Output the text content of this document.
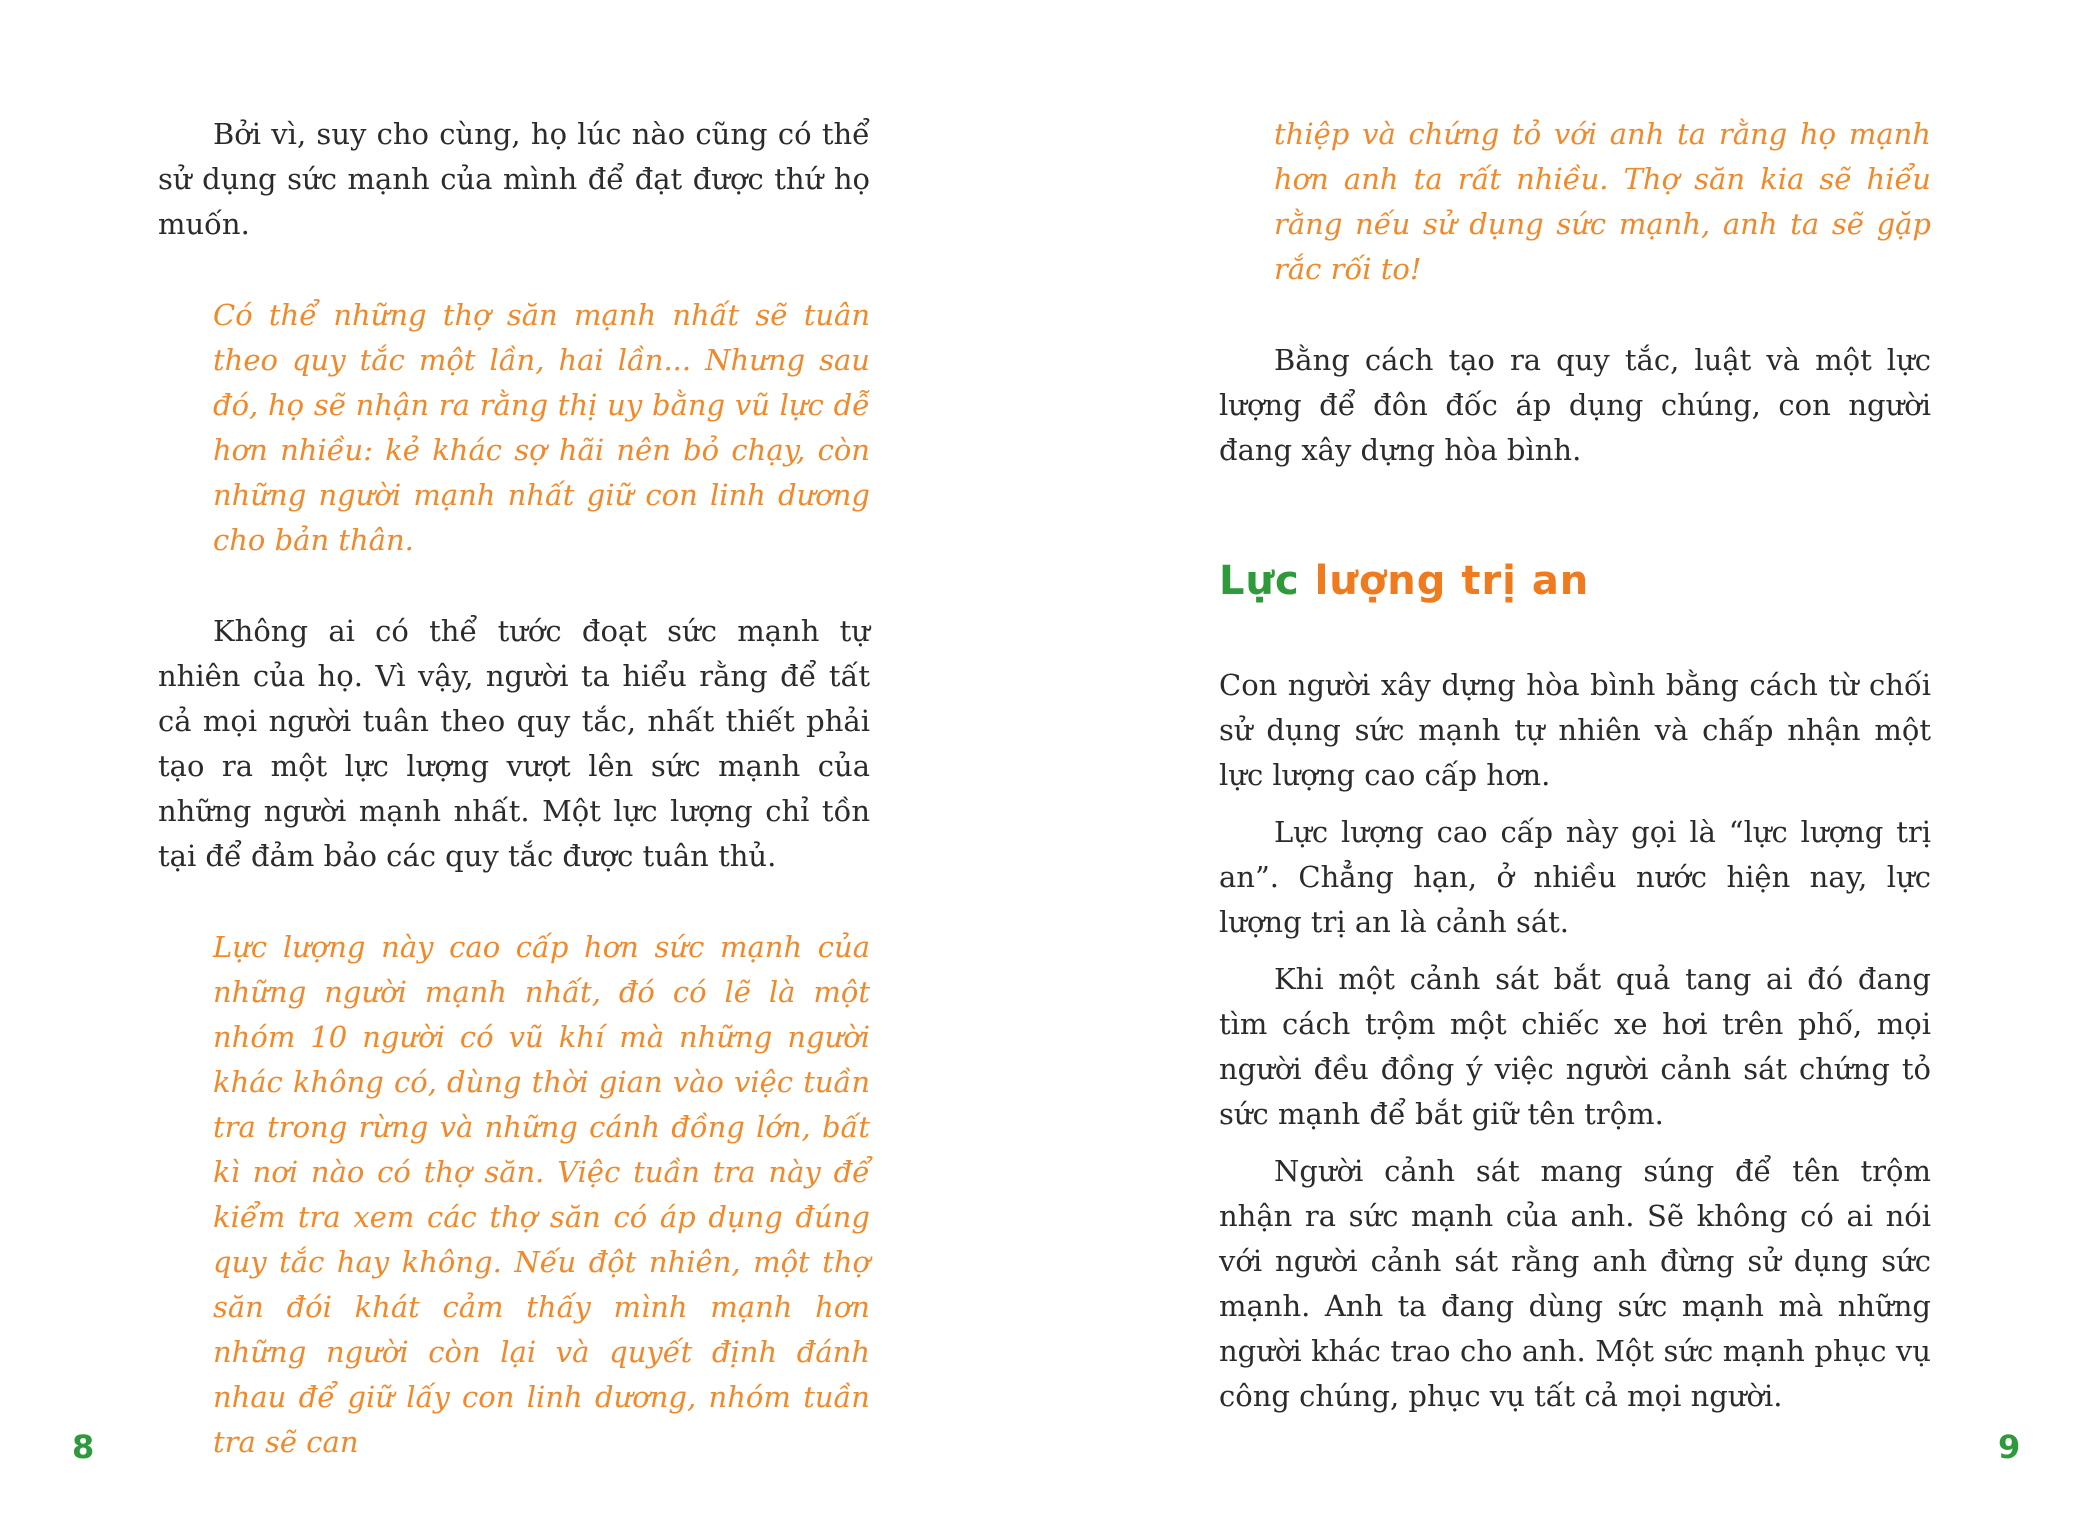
Bởi vì, suy cho cùng, họ lúc nào cũng có thể sử dụng sức mạnh của mình để đạt được thứ họ muốn.

Có thể những thợ săn mạnh nhất sẽ tuân theo quy tắc một lần, hai lần... Nhưng sau đó, họ sẽ nhận ra rằng thị uy bằng vũ lực dễ hơn nhiều: kẻ khác sợ hãi nên bỏ chạy, còn những người mạnh nhất giữ con linh dương cho bản thân.

Không ai có thể tước đoạt sức mạnh tự nhiên của họ. Vì vậy, người ta hiểu rằng để tất cả mọi người tuân theo quy tắc, nhất thiết phải tạo ra một lực lượng vượt lên sức mạnh của những người mạnh nhất. Một lực lượng chỉ tồn tại để đảm bảo các quy tắc được tuân thủ.

Lực lượng này cao cấp hơn sức mạnh của những người mạnh nhất, đó có lẽ là một nhóm 10 người có vũ khí mà những người khác không có, dùng thời gian vào việc tuần tra trong rừng và những cánh đồng lớn, bất kì nơi nào có thợ săn. Việc tuần tra này để kiểm tra xem các thợ săn có áp dụng đúng quy tắc hay không. Nếu đột nhiên, một thợ săn đói khát cảm thấy mình mạnh hơn những người còn lại và quyết định đánh nhau để giữ lấy con linh dương, nhóm tuần tra sẽ can

8

thiệp và chứng tỏ với anh ta rằng họ mạnh hơn anh ta rất nhiều. Thợ săn kia sẽ hiểu rằng nếu sử dụng sức mạnh, anh ta sẽ gặp rắc rối to!

Bằng cách tạo ra quy tắc, luật và một lực lượng để đôn đốc áp dụng chúng, con người đang xây dựng hòa bình.

Lực lượng trị an

Con người xây dựng hòa bình bằng cách từ chối sử dụng sức mạnh tự nhiên và chấp nhận một lực lượng cao cấp hơn.

Lực lượng cao cấp này gọi là “lực lượng trị an”. Chẳng hạn, ở nhiều nước hiện nay, lực lượng trị an là cảnh sát.

Khi một cảnh sát bắt quả tang ai đó đang tìm cách trộm một chiếc xe hơi trên phố, mọi người đều đồng ý việc người cảnh sát chứng tỏ sức mạnh để bắt giữ tên trộm.

Người cảnh sát mang súng để tên trộm nhận ra sức mạnh của anh. Sẽ không có ai nói với người cảnh sát rằng anh đừng sử dụng sức mạnh. Anh ta đang dùng sức mạnh mà những người khác trao cho anh. Một sức mạnh phục vụ công chúng, phục vụ tất cả mọi người.

9
